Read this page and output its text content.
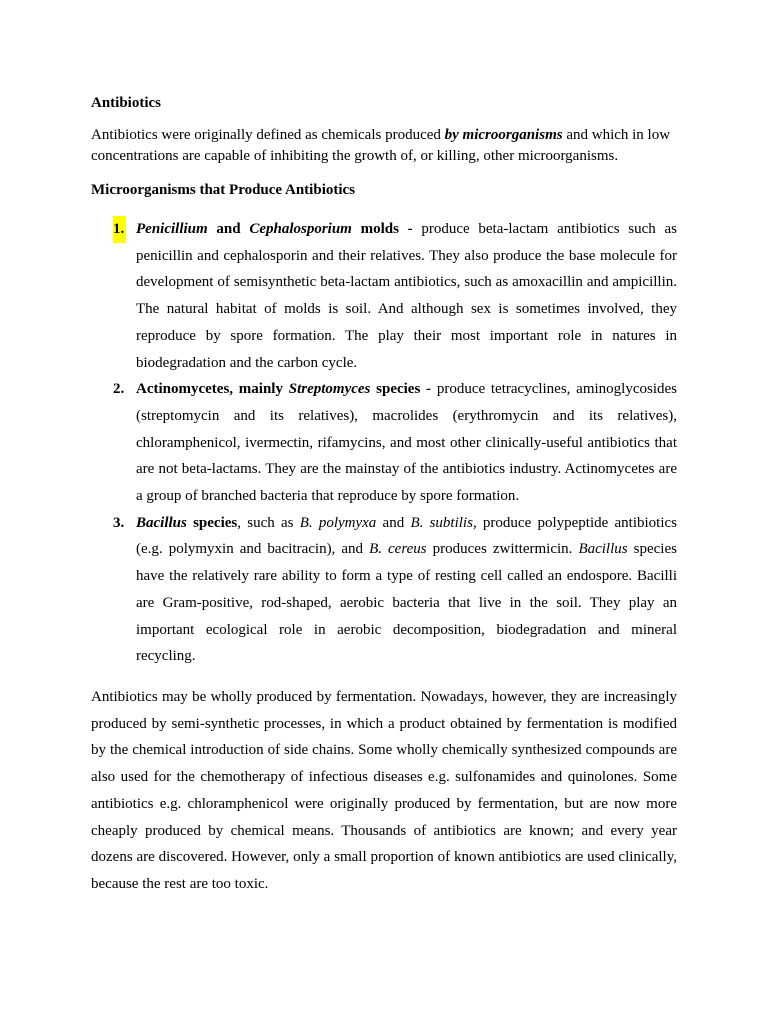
Antibiotics

Antibiotics were originally defined as chemicals produced by microorganisms and which in low concentrations are capable of inhibiting the growth of, or killing, other microorganisms.

Microorganisms that Produce Antibiotics
1. Penicillium and Cephalosporium molds - produce beta-lactam antibiotics such as penicillin and cephalosporin and their relatives. They also produce the base molecule for development of semisynthetic beta-lactam antibiotics, such as amoxacillin and ampicillin. The natural habitat of molds is soil. And although sex is sometimes involved, they reproduce by spore formation. The play their most important role in natures in biodegradation and the carbon cycle.
2. Actinomycetes, mainly Streptomyces species - produce tetracyclines, aminoglycosides (streptomycin and its relatives), macrolides (erythromycin and its relatives), chloramphenicol, ivermectin, rifamycins, and most other clinically-useful antibiotics that are not beta-lactams. They are the mainstay of the antibiotics industry. Actinomycetes are a group of branched bacteria that reproduce by spore formation.
3. Bacillus species, such as B. polymyxa and B. subtilis, produce polypeptide antibiotics (e.g. polymyxin and bacitracin), and B. cereus produces zwittermicin. Bacillus species have the relatively rare ability to form a type of resting cell called an endospore. Bacilli are Gram-positive, rod-shaped, aerobic bacteria that live in the soil. They play an important ecological role in aerobic decomposition, biodegradation and mineral recycling.

Antibiotics may be wholly produced by fermentation. Nowadays, however, they are increasingly produced by semi-synthetic processes, in which a product obtained by fermentation is modified by the chemical introduction of side chains. Some wholly chemically synthesized compounds are also used for the chemotherapy of infectious diseases e.g. sulfonamides and quinolones. Some antibiotics e.g. chloramphenicol were originally produced by fermentation, but are now more cheaply produced by chemical means. Thousands of antibiotics are known; and every year dozens are discovered. However, only a small proportion of known antibiotics are used clinically, because the rest are too toxic.
